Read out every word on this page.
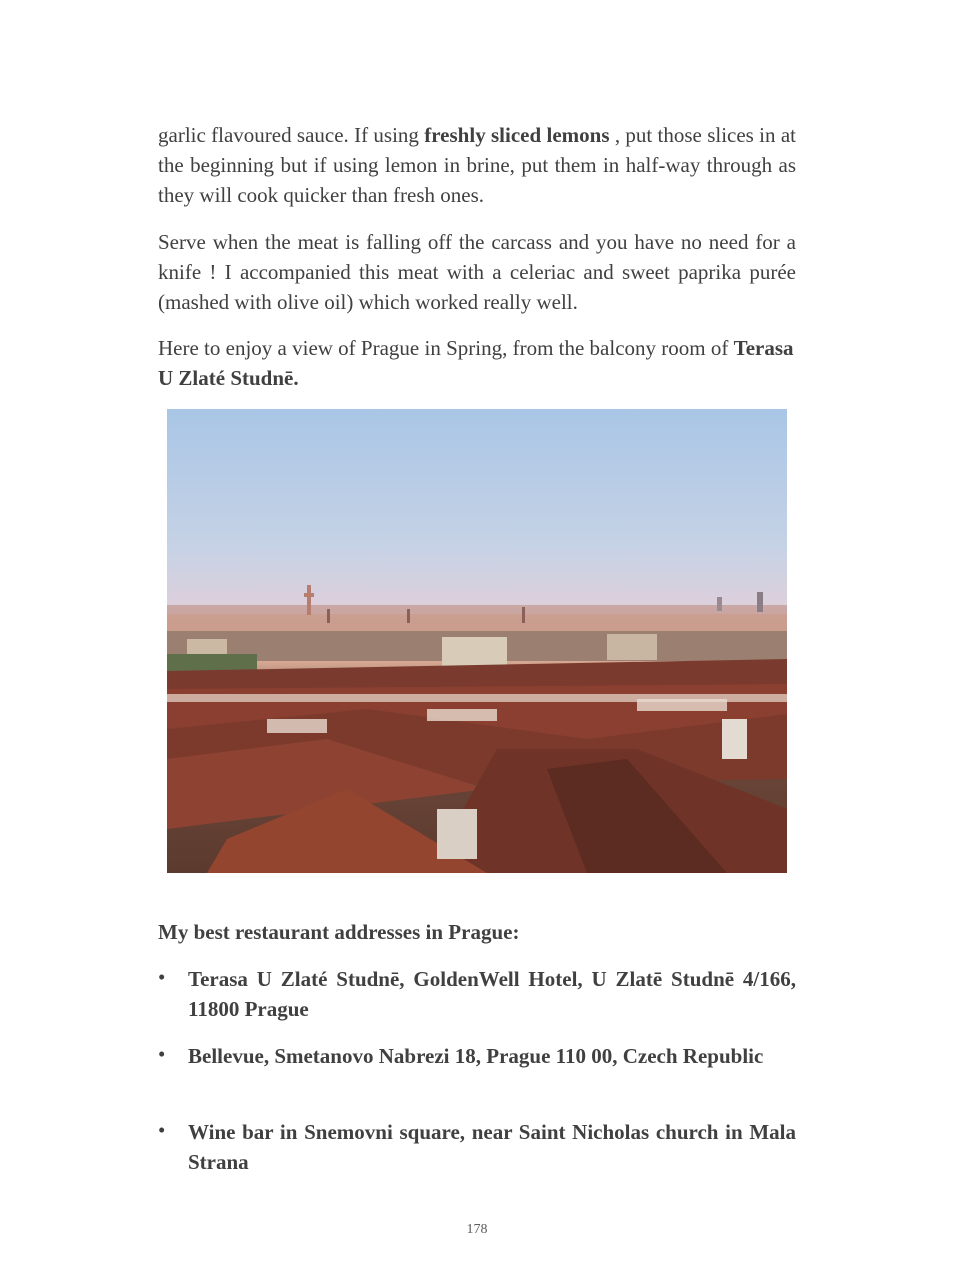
garlic flavoured sauce. If using freshly sliced lemons , put those slices in at the beginning but if using lemon in brine, put them in half-way through as they will cook quicker than fresh ones.

Serve when the meat is falling off the carcass and you have no need for a knife ! I accompanied this meat with a celeriac and sweet paprika purée (mashed with olive oil) which worked really well.

Here to enjoy a view of Prague in Spring, from the balcony room of Terasa U Zlaté Studnē.

My best restaurant addresses in Prague:
• Terasa U Zlaté Studnē, GoldenWell Hotel, U Zlatē Studnē 4/166, 11800 Prague
• Bellevue, Smetanovo Nabrezi 18, Prague 110 00, Czech Republic
• Wine bar in Snemovni square, near Saint Nicholas church in Mala Strana
178
